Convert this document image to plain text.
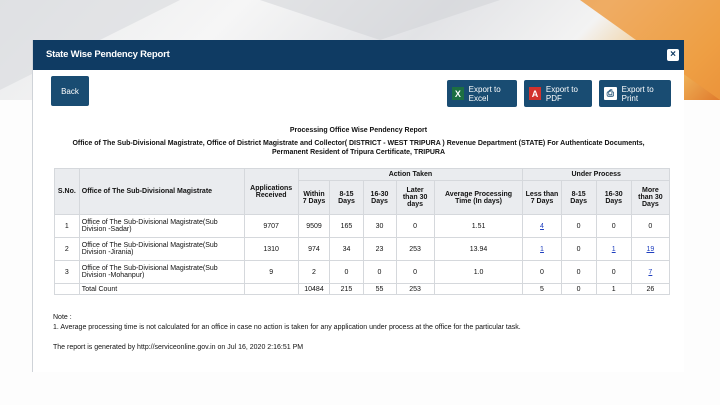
State Wise Pendency Report	×
Back	X Export to Excel	A Export to PDF	⎙ Export to Print
Processing Office Wise Pendency Report
Office of The Sub-Divisional Magistrate, Office of District Magistrate and Collector( DISTRICT - WEST TRIPURA ) Revenue Department (STATE) For Authenticate Documents,
Permanent Resident of Tripura Certificate, TRIPURA
S.No.	Office of The Sub-Divisional Magistrate	Applications Received	Action Taken					Under Process			
			Within 7 Days	8-15 Days	16-30 Days	Later than 30 days	Average Processing Time (In days)	Less than 7 Days	8-15 Days	16-30 Days	More than 30 Days
1	Office of The Sub-Divisional Magistrate(Sub Division -Sadar)	9707	9509	165	30	0	1.51	4	0	0	0
2	Office of The Sub-Divisional Magistrate(Sub Division -Jirania)	1310	974	34	23	253	13.94	1	0	1	19
3	Office of The Sub-Divisional Magistrate(Sub Division -Mohanpur)	9	2	0	0	0	1.0	0	0	0	7
	Total Count		10484	215	55	253		5	0	1	26
Note :
1. Average processing time is not calculated for an office in case no action is taken for any application under process at the office for the particular task.
The report is generated by http://serviceonline.gov.in on Jul 16, 2020 2:16:51 PM
